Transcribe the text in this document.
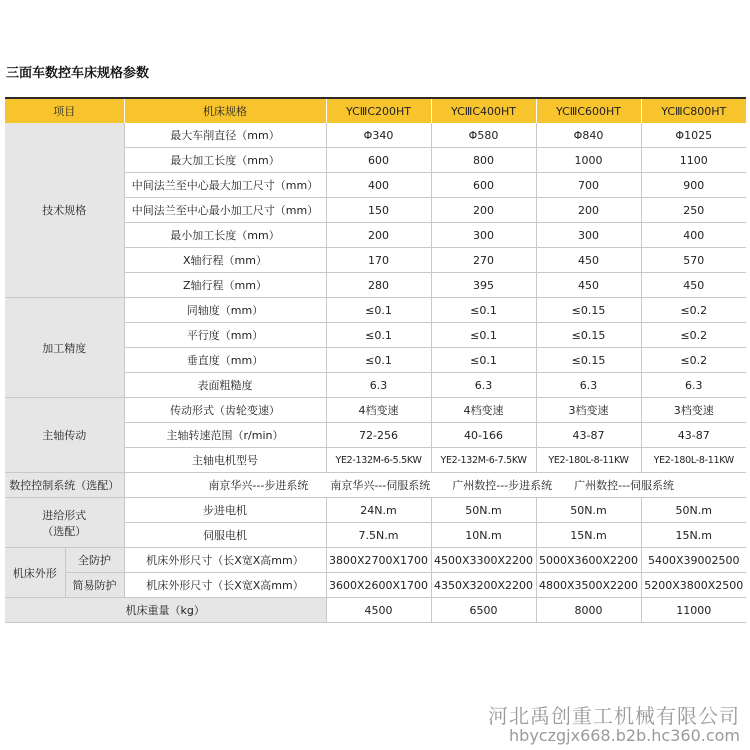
三面车数控车床规格参数
项目		机床规格	YCⅢC200HT	YCⅢC400HT	YCⅢC600HT	YCⅢC800HT
技术规格		最大车削直径（mm）	Φ340	Φ580	Φ840	Φ1025
		最大加工长度（mm）	600	800	1000	1100
		中间法兰至中心最大加工尺寸（mm）	400	600	700	900
		中间法兰至中心最小加工尺寸（mm）	150	200	200	250
		最小加工长度（mm）	200	300	300	400
		X轴行程（mm）	170	270	450	570
		Z轴行程（mm）	280	395	450	450
加工精度		同轴度（mm）	≤0.1	≤0.1	≤0.15	≤0.2
		平行度（mm）	≤0.1	≤0.1	≤0.15	≤0.2
		垂直度（mm）	≤0.1	≤0.1	≤0.15	≤0.2
		表面粗糙度	6.3	6.3	6.3	6.3
主轴传动		传动形式（齿轮变速）	4档变速	4档变速	3档变速	3档变速
		主轴转速范围（r/min）	72-256	40-166	43-87	43-87
		主轴电机型号	YE2-132M-6-5.5KW	YE2-132M-6-7.5KW	YE2-180L-8-11KW	YE2-180L-8-11KW
数控控制系统（选配）		南京华兴---步进系统　　南京华兴---伺服系统　　广州数控---步进系统　　广州数控---伺服系统				
进给形式
（选配）		步进电机	24N.m	50N.m	50N.m	50N.m
		伺服电机	7.5N.m	10N.m	15N.m	15N.m
机床外形	全防护	机床外形尺寸（长X宽X高mm）	3800X2700X1700	4500X3300X2200	5000X3600X2200	5400X39002500
	简易防护	机床外形尺寸（长X宽X高mm）	3600X2600X1700	4350X3200X2200	4800X3500X2200	5200X3800X2500
机床重量（kg）			4500	6500	8000	11000
河北禹创重工机械有限公司
hbyczgjx668.b2b.hc360.com
